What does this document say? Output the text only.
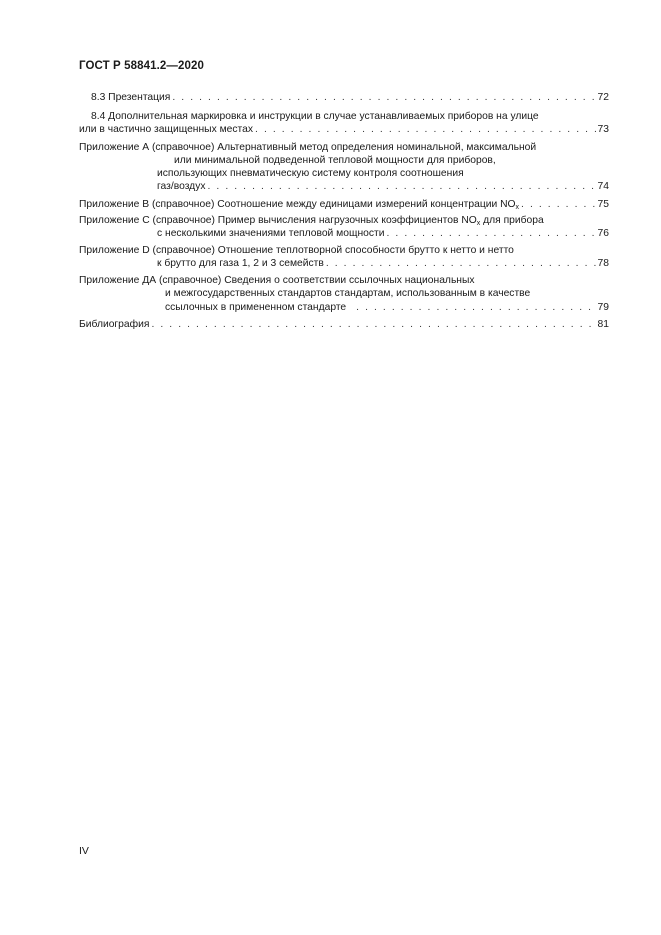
ГОСТ Р 58841.2—2020
8.3 Презентация . . .	72
8.4 Дополнительная маркировка и инструкции в случае устанавливаемых приборов на улице
или в частично защищенных местах . . .	73
Приложение А (справочное) Альтернативный метод определения номинальной, максимальной
или минимальной подведенной тепловой мощности для приборов,
использующих пневматическую систему контроля соотношения
газ/воздух . . .	74
Приложение В (справочное) Соотношение между единицами измерений концентрации $NO_x$ . . .	75
Приложение С (справочное) Пример вычисления нагрузочных коэффициентов $NO_x$ для прибора
с несколькими значениями тепловой мощности . . .	76
Приложение D (справочное) Отношение теплотворной способности брутто к нетто и нетто
к брутто для газа 1, 2 и 3 семейств . . .	78
Приложение ДА (справочное) Сведения о соответствии ссылочных национальных
и межгосударственных стандартов стандартам, использованным в качестве
ссылочных в примененном стандарте . . .	79
Библиография . . .	81
IV
